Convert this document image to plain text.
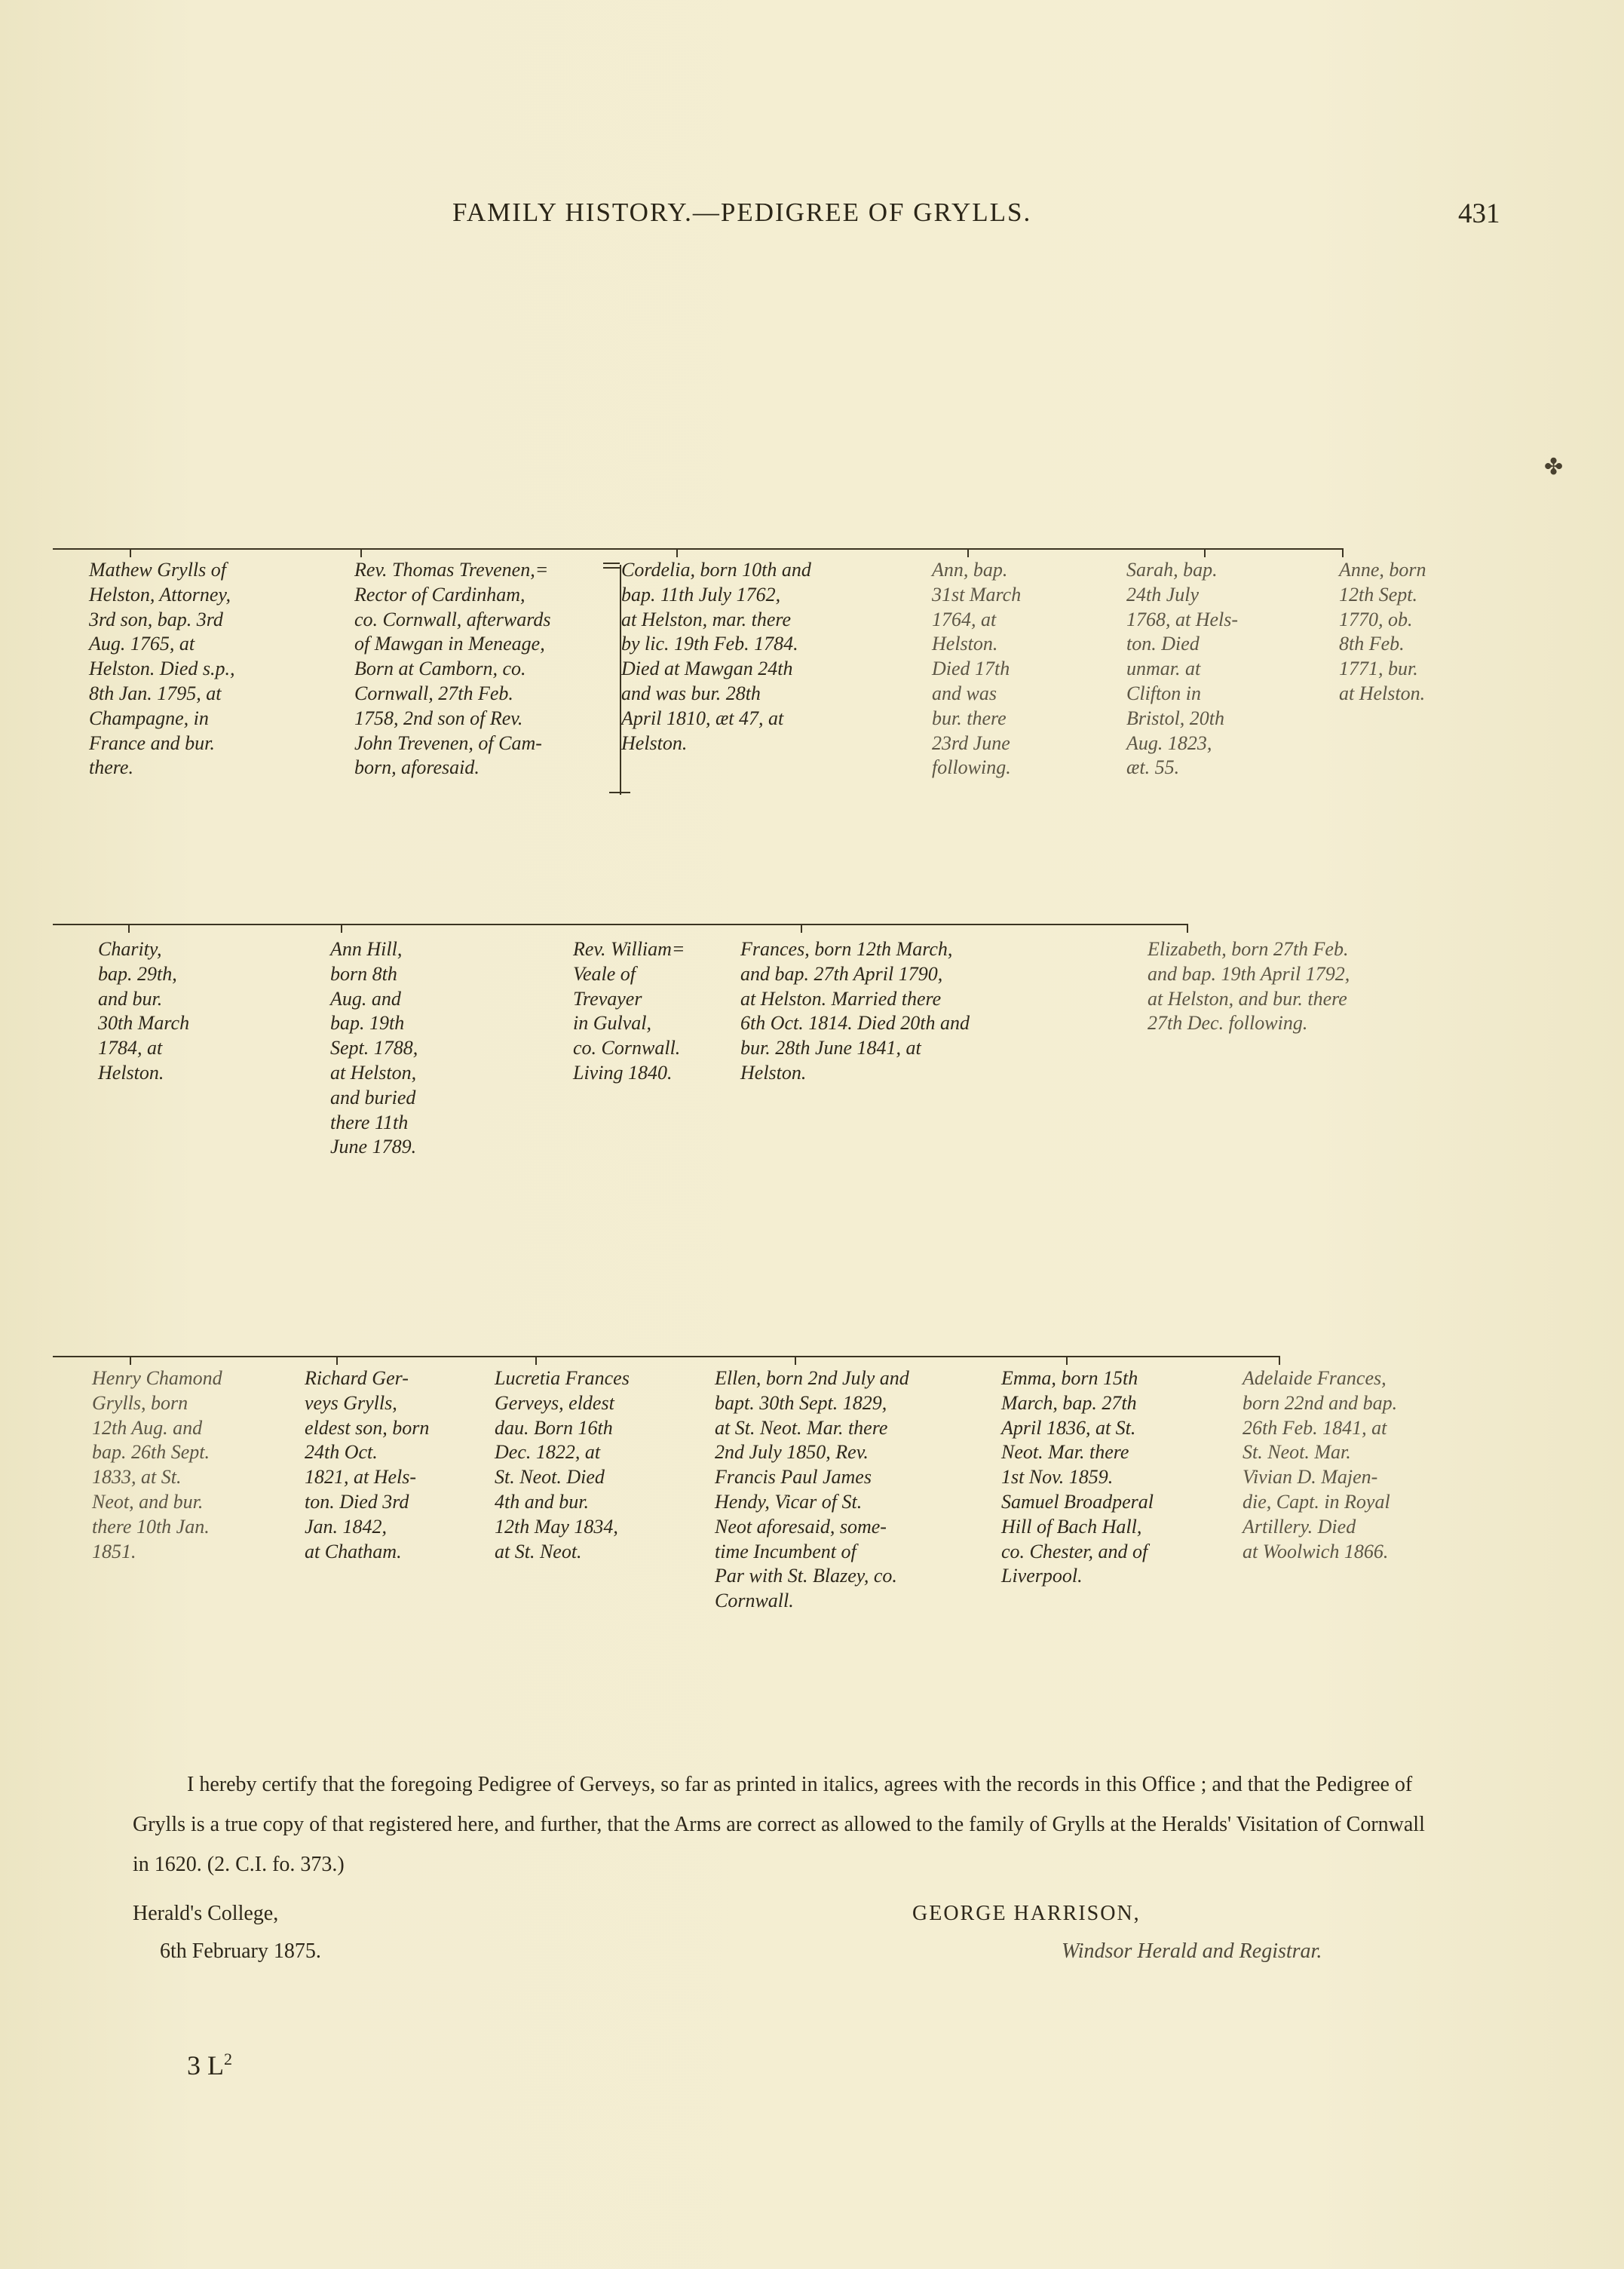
FAMILY HISTORY.—PEDIGREE OF GRYLLS.	431
✤
Mathew Grylls of
Helston, Attorney,
3rd son, bap. 3rd
Aug. 1765, at
Helston. Died s.p.,
8th Jan. 1795, at
Champagne, in
France and bur.
there.
Rev. Thomas Trevenen,=
Rector of Cardinham,
co. Cornwall, afterwards
of Mawgan in Meneage,
Born at Camborn, co.
Cornwall, 27th Feb.
1758, 2nd son of Rev.
John Trevenen, of Cam-
born, aforesaid.
Cordelia, born 10th and
bap. 11th July 1762,
at Helston, mar. there
by lic. 19th Feb. 1784.
Died at Mawgan 24th
and was bur. 28th
April 1810, æt 47, at
Helston.
Ann, bap.
31st March
1764, at
Helston.
Died 17th
and was
bur. there
23rd June
following.
Sarah, bap.
24th July
1768, at Hels-
ton. Died
unmar. at
Clifton in
Bristol, 20th
Aug. 1823,
æt. 55.
Anne, born
12th Sept.
1770, ob.
8th Feb.
1771, bur.
at Helston.
Charity,
bap. 29th,
and bur.
30th March
1784, at
Helston.
Ann Hill,
born 8th
Aug. and
bap. 19th
Sept. 1788,
at Helston,
and buried
there 11th
June 1789.
Rev. William=
Veale of
Trevayer
in Gulval,
co. Cornwall.
Living 1840.
Frances, born 12th March,
and bap. 27th April 1790,
at Helston. Married there
6th Oct. 1814. Died 20th and
bur. 28th June 1841, at
Helston.
Elizabeth, born 27th Feb.
and bap. 19th April 1792,
at Helston, and bur. there
27th Dec. following.
Henry Chamond
Grylls, born
12th Aug. and
bap. 26th Sept.
1833, at St.
Neot, and bur.
there 10th Jan.
1851.
Richard Ger-
veys Grylls,
eldest son, born
24th Oct.
1821, at Hels-
ton. Died 3rd
Jan. 1842,
at Chatham.
Lucretia Frances
Gerveys, eldest
dau. Born 16th
Dec. 1822, at
St. Neot. Died
4th and bur.
12th May 1834,
at St. Neot.
Ellen, born 2nd July and
bapt. 30th Sept. 1829,
at St. Neot. Mar. there
2nd July 1850, Rev.
Francis Paul James
Hendy, Vicar of St.
Neot aforesaid, some-
time Incumbent of
Par with St. Blazey, co.
Cornwall.
Emma, born 15th
March, bap. 27th
April 1836, at St.
Neot. Mar. there
1st Nov. 1859.
Samuel Broadperal
Hill of Bach Hall,
co. Chester, and of
Liverpool.
Adelaide Frances,
born 22nd and bap.
26th Feb. 1841, at
St. Neot. Mar.
Vivian D. Majen-
die, Capt. in Royal
Artillery. Died
at Woolwich 1866.
I hereby certify that the foregoing Pedigree of Gerveys, so far as printed in italics, agrees with the records in this Office ; and that the Pedigree of Grylls is a true copy of that registered here, and further, that the Arms are correct as allowed to the family of Grylls at the Heralds' Visitation of Cornwall in 1620. (2. C.I. fo. 373.)
Herald's College,
6th February 1875.
GEORGE HARRISON,
Windsor Herald and Registrar.
3 $L^2$
